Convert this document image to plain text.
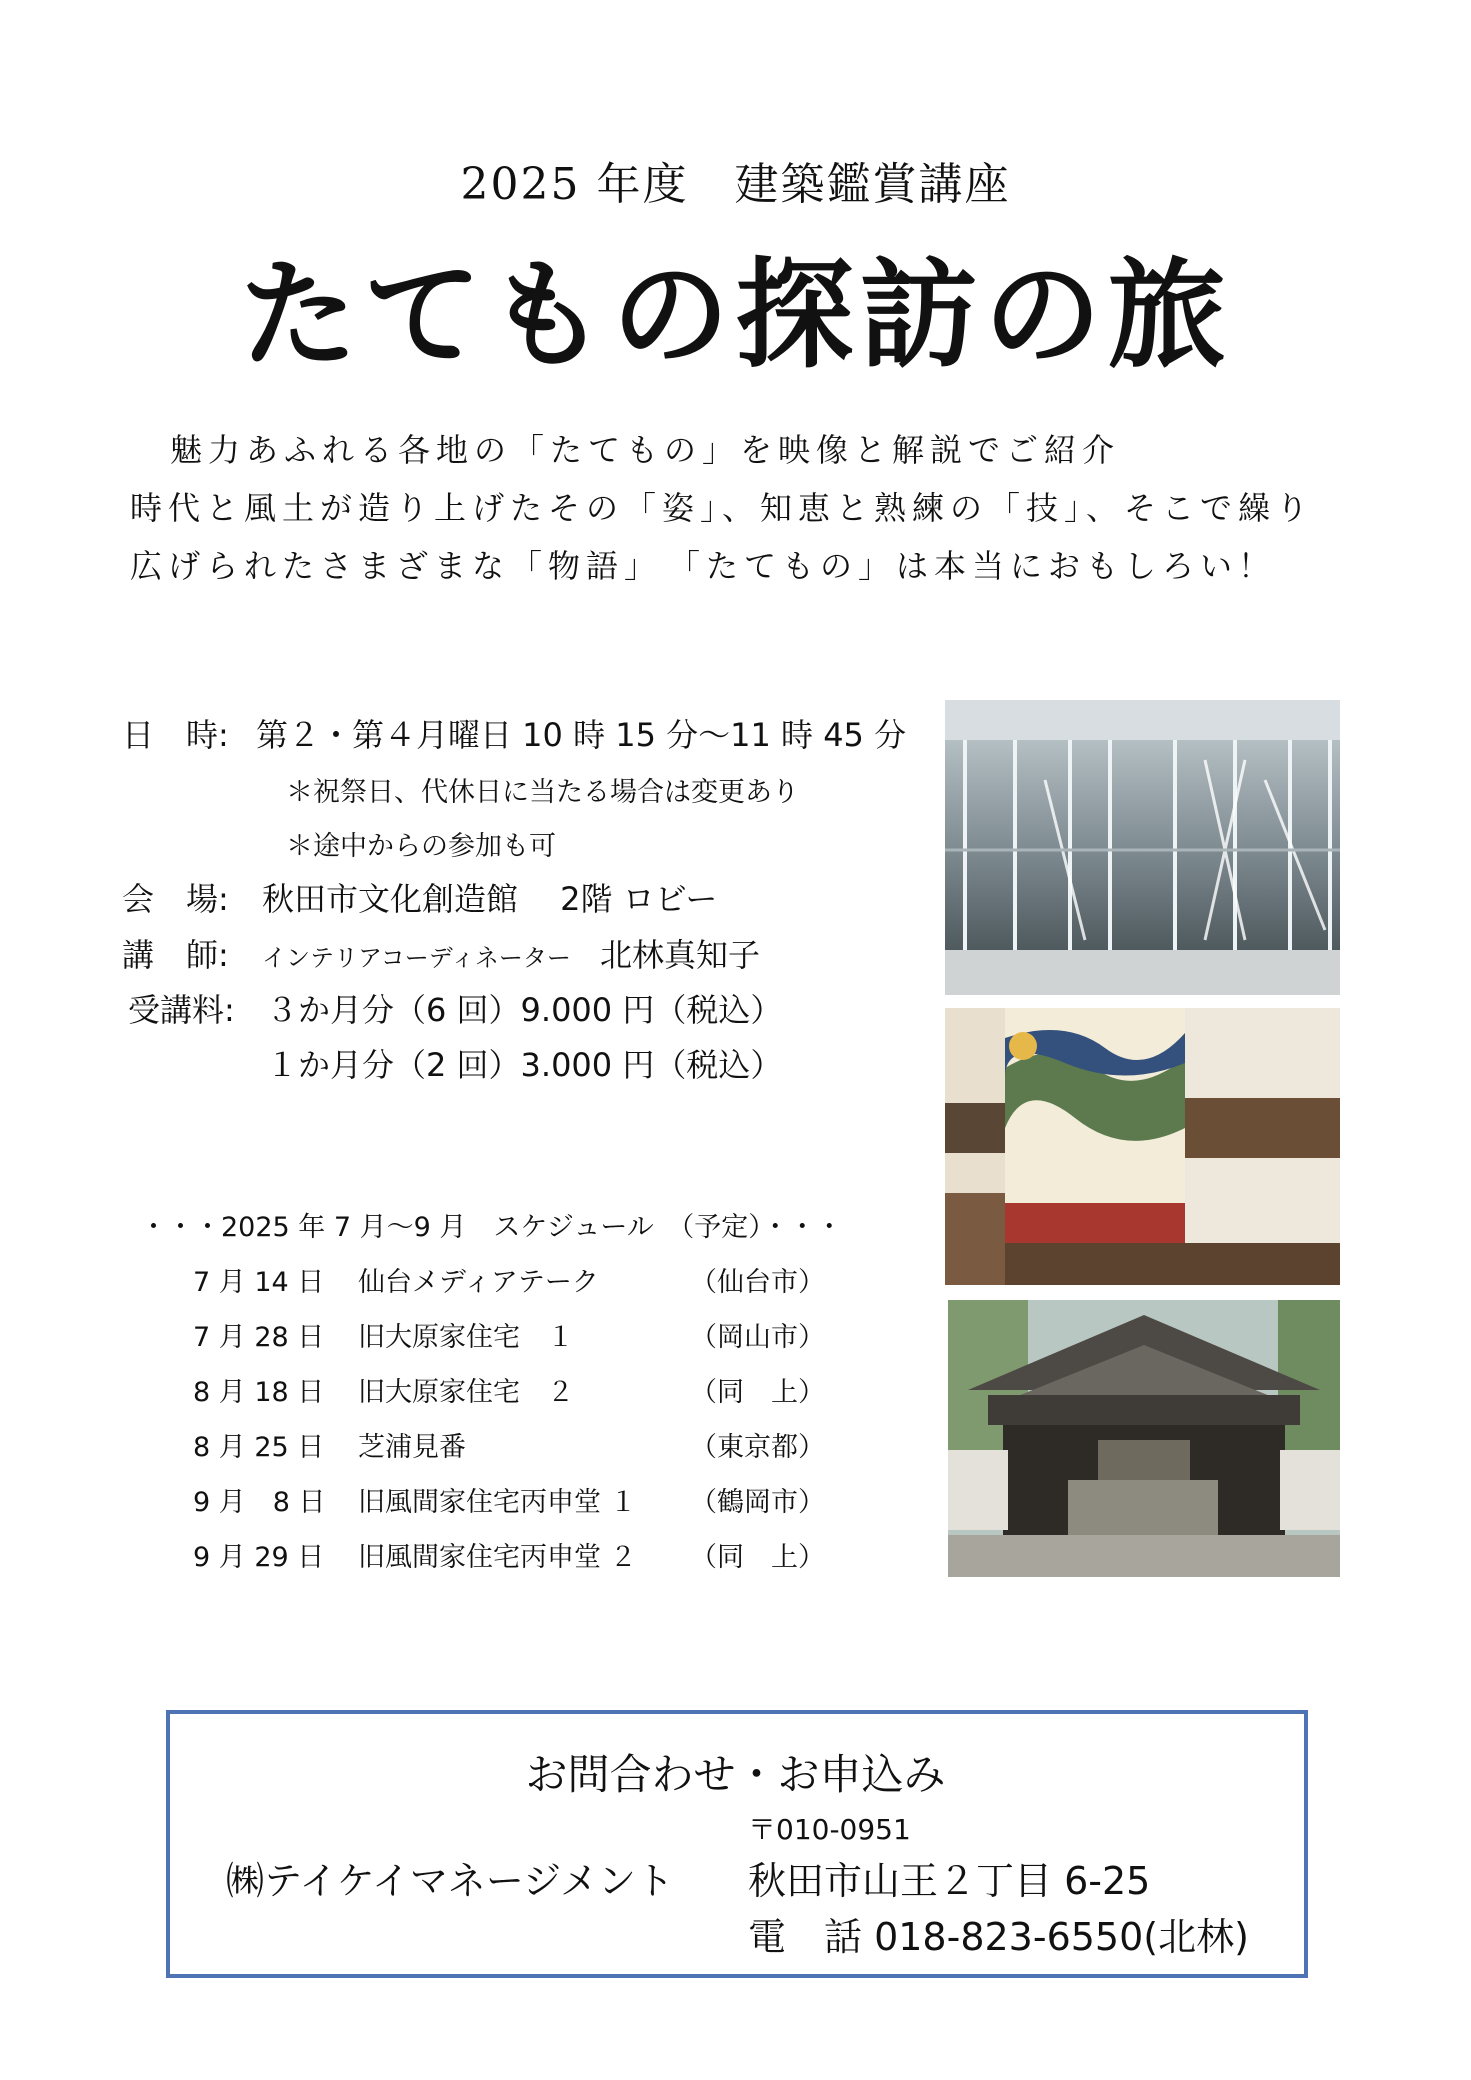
2025 年度　建築鑑賞講座
たてもの探訪の旅
魅力あふれる各地の「たてもの」を映像と解説でご紹介
時代と風土が造り上げたその「姿」、知恵と熟練の「技」、そこで繰り
広げられたさまざまな「物語」　「たてもの」は本当におもしろい！
日　時: 第２・第４月曜日 10 時 15 分～11 時 45 分
＊祝祭日、代休日に当たる場合は変更あり
＊途中からの参加も可
会　場: 秋田市文化創造館　 2階 ロビー
講　師: インテリアコーディネーター 北林真知子
受講料: ３か月分（6 回）9.000 円（税込）
１か月分（2 回）3.000 円（税込）
・・・2025 年 7 月～9 月　スケジュール　（予定）・・・
7 月 14 日 仙台メディアテーク	（仙台市）
7 月 28 日 旧大原家住宅　１	（岡山市）
8 月 18 日 旧大原家住宅　２	（同　上）
8 月 25 日 芝浦見番	（東京都）
9 月　8 日 旧風間家住宅丙申堂 １ （鶴岡市）
9 月 29 日 旧風間家住宅丙申堂 ２ （同　上）
お問合わせ・お申込み
〒010-0951
㈱テイケイマネージメント 秋田市山王２丁目 6-25
電　話 018-823-6550(北林)
